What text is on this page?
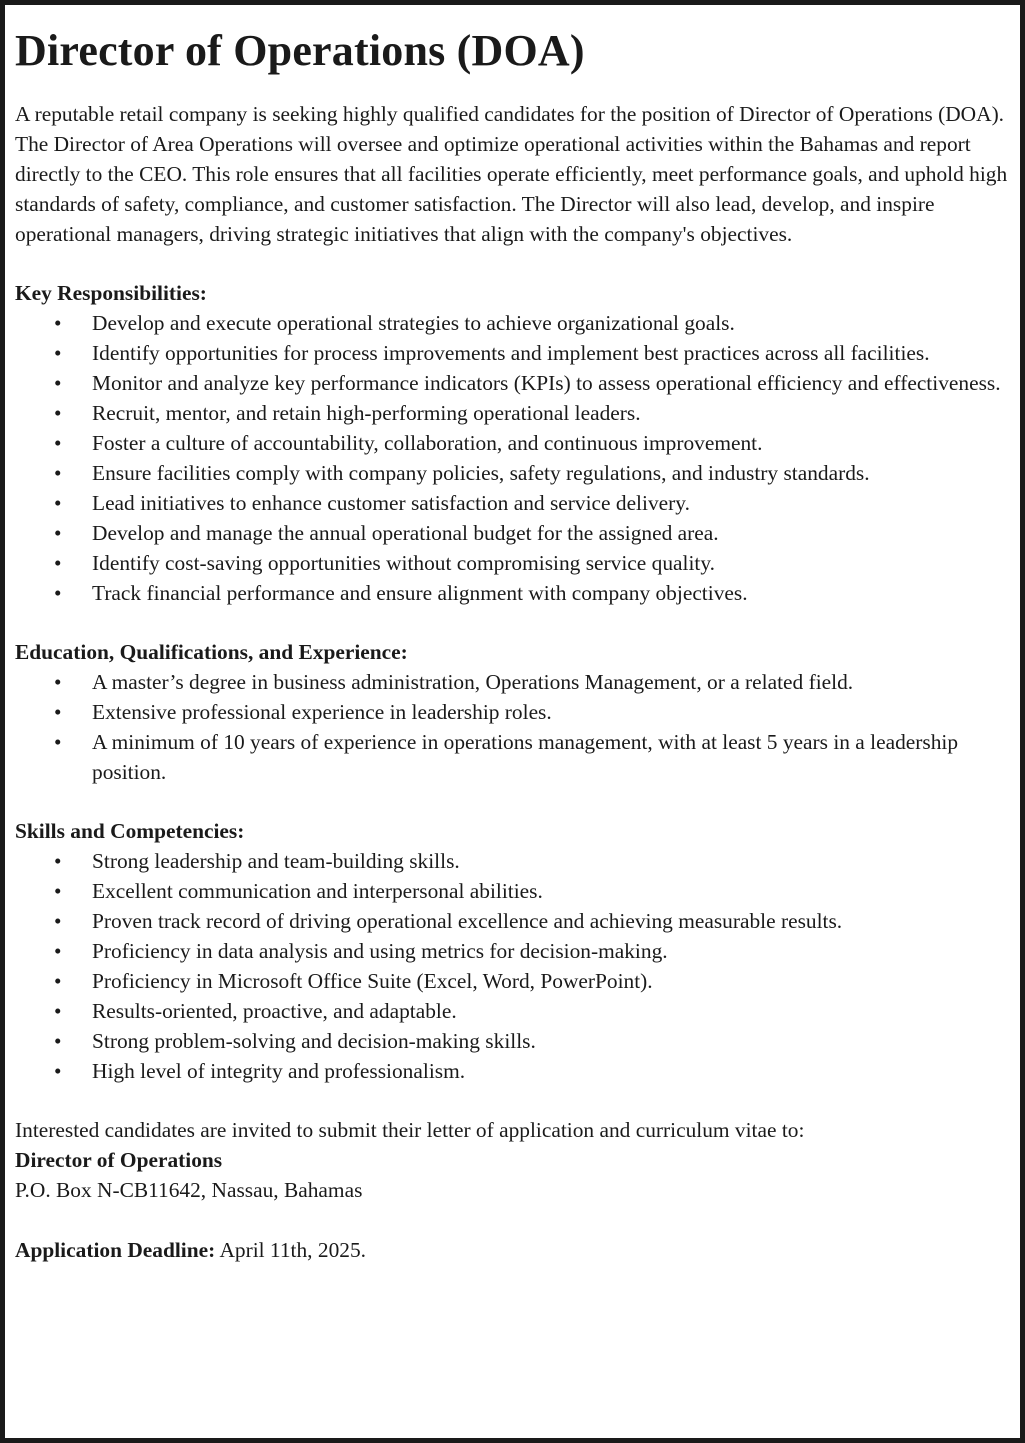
Director of Operations (DOA)

A reputable retail company is seeking highly qualified candidates for the position of Director of Operations (DOA). The Director of Area Operations will oversee and optimize operational activities within the Bahamas and report directly to the CEO. This role ensures that all facilities operate efficiently, meet performance goals, and uphold high standards of safety, compliance, and customer satisfaction. The Director will also lead, develop, and inspire operational managers, driving strategic initiatives that align with the company's objectives.

Key Responsibilities:

• Develop and execute operational strategies to achieve organizational goals.
• Identify opportunities for process improvements and implement best practices across all facilities.
• Monitor and analyze key performance indicators (KPIs) to assess operational efficiency and effectiveness.
• Recruit, mentor, and retain high-performing operational leaders.
• Foster a culture of accountability, collaboration, and continuous improvement.
• Ensure facilities comply with company policies, safety regulations, and industry standards.
• Lead initiatives to enhance customer satisfaction and service delivery.
• Develop and manage the annual operational budget for the assigned area.
• Identify cost-saving opportunities without compromising service quality.
• Track financial performance and ensure alignment with company objectives.

Education, Qualifications, and Experience:

• A master’s degree in business administration, Operations Management, or a related field.
• Extensive professional experience in leadership roles.
• A minimum of 10 years of experience in operations management, with at least 5 years in a leadership position.

Skills and Competencies:

• Strong leadership and team-building skills.
• Excellent communication and interpersonal abilities.
• Proven track record of driving operational excellence and achieving measurable results.
• Proficiency in data analysis and using metrics for decision-making.
• Proficiency in Microsoft Office Suite (Excel, Word, PowerPoint).
• Results-oriented, proactive, and adaptable.
• Strong problem-solving and decision-making skills.
• High level of integrity and professionalism.

Interested candidates are invited to submit their letter of application and curriculum vitae to:

Director of Operations

P.O. Box N-CB11642, Nassau, Bahamas

Application Deadline: April 11th, 2025.
